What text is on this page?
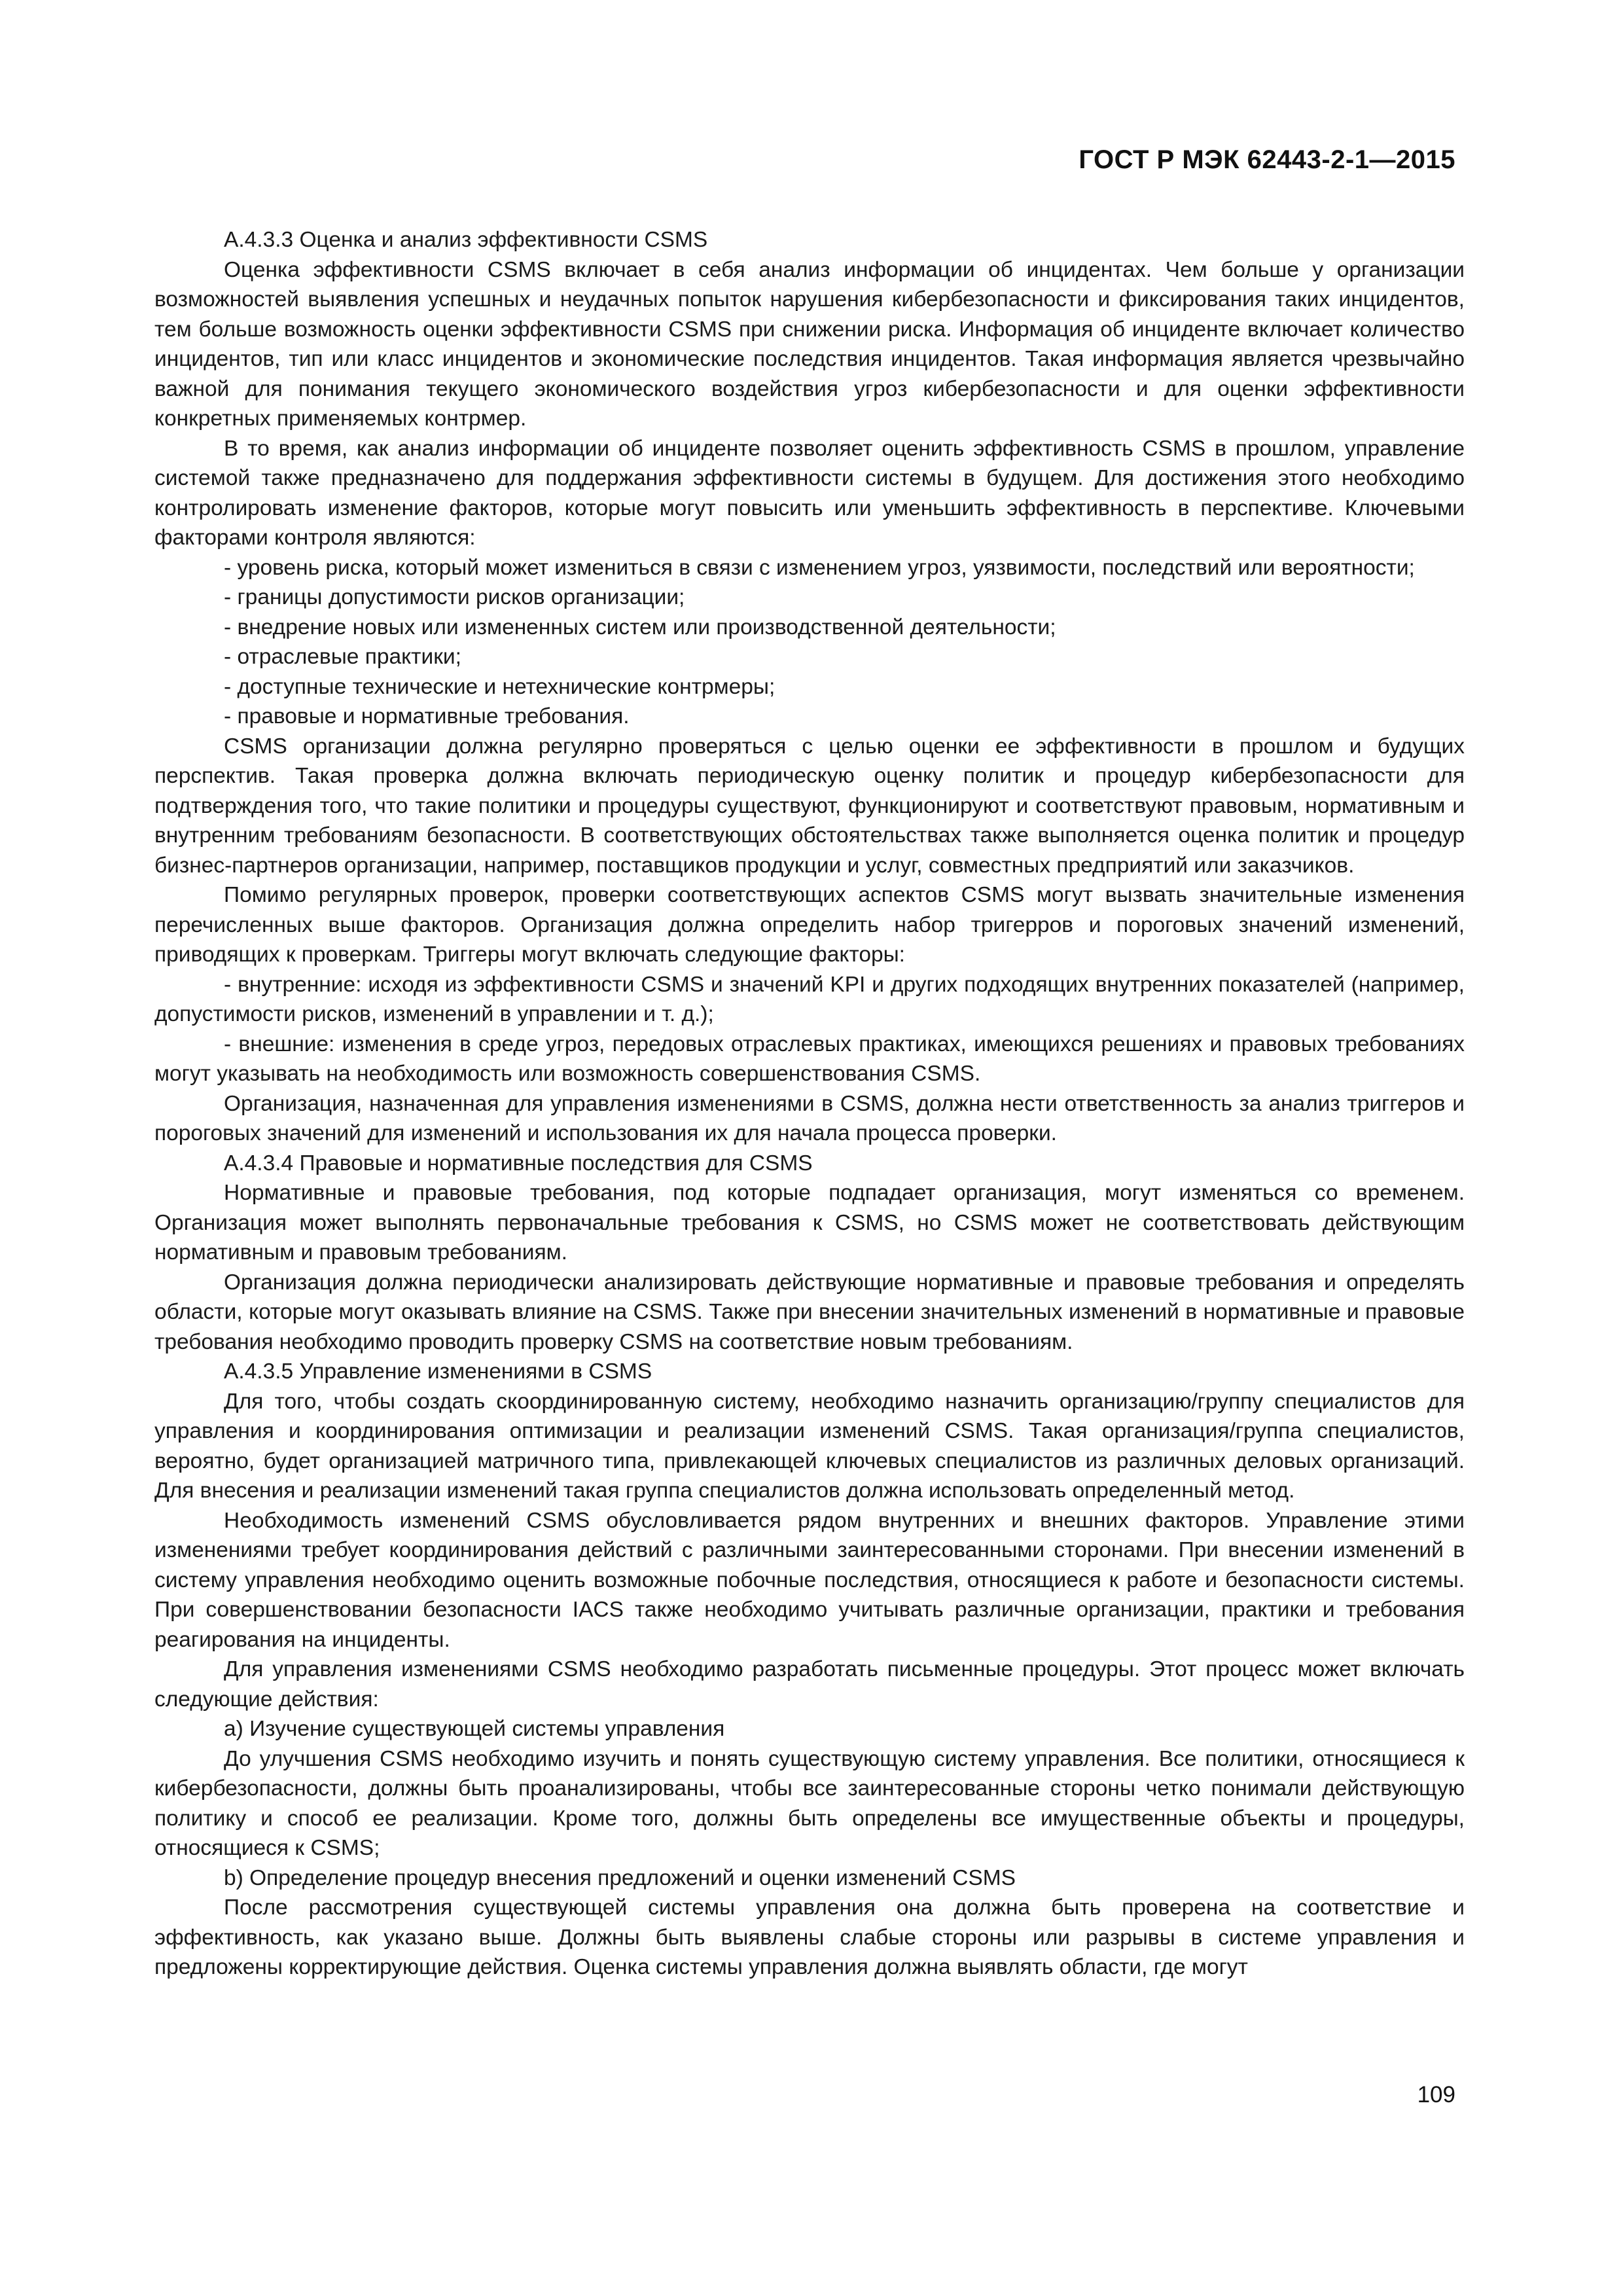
ГОСТ Р МЭК 62443-2-1—2015

А.4.3.3 Оценка и анализ эффективности CSMS

Оценка эффективности CSMS включает в себя анализ информации об инцидентах. Чем больше у организации возможностей выявления успешных и неудачных попыток нарушения кибербезопасности и фиксирования таких инцидентов, тем больше возможность оценки эффективности CSMS при снижении риска. Информация об инциденте включает количество инцидентов, тип или класс инцидентов и экономические последствия инцидентов. Такая информация является чрезвычайно важной для понимания текущего экономического воздействия угроз кибербезопасности и для оценки эффективности конкретных применяемых контрмер.

В то время, как анализ информации об инциденте позволяет оценить эффективность CSMS в прошлом, управление системой также предназначено для поддержания эффективности системы в будущем. Для достижения этого необходимо контролировать изменение факторов, которые могут повысить или уменьшить эффективность в перспективе. Ключевыми факторами контроля являются:

- уровень риска, который может измениться в связи с изменением угроз, уязвимости, последствий или вероятности;

- границы допустимости рисков организации;

- внедрение новых или измененных систем или производственной деятельности;

- отраслевые практики;

- доступные технические и нетехнические контрмеры;

- правовые и нормативные требования.

CSMS организации должна регулярно проверяться с целью оценки ее эффективности в прошлом и будущих перспектив. Такая проверка должна включать периодическую оценку политик и процедур кибербезопасности для подтверждения того, что такие политики и процедуры существуют, функционируют и соответствуют правовым, нормативным и внутренним требованиям безопасности. В соответствующих обстоятельствах также выполняется оценка политик и процедур бизнес-партнеров организации, например, поставщиков продукции и услуг, совместных предприятий или заказчиков.

Помимо регулярных проверок, проверки соответствующих аспектов CSMS могут вызвать значительные изменения перечисленных выше факторов. Организация должна определить набор тригерров и пороговых значений изменений, приводящих к проверкам. Триггеры могут включать следующие факторы:

- внутренние: исходя из эффективности CSMS и значений KPI и других подходящих внутренних показателей (например, допустимости рисков, изменений в управлении и т. д.);

- внешние: изменения в среде угроз, передовых отраслевых практиках, имеющихся решениях и правовых требованиях могут указывать на необходимость или возможность совершенствования CSMS.

Организация, назначенная для управления изменениями в CSMS, должна нести ответственность за анализ триггеров и пороговых значений для изменений и использования их для начала процесса проверки.

А.4.3.4 Правовые и нормативные последствия для CSMS

Нормативные и правовые требования, под которые подпадает организация, могут изменяться со временем. Организация может выполнять первоначальные требования к CSMS, но CSMS может не соответствовать действующим нормативным и правовым требованиям.

Организация должна периодически анализировать действующие нормативные и правовые требования и определять области, которые могут оказывать влияние на CSMS. Также при внесении значительных изменений в нормативные и правовые требования необходимо проводить проверку CSMS на соответствие новым требованиям.

А.4.3.5 Управление изменениями в CSMS

Для того, чтобы создать скоординированную систему, необходимо назначить организацию/группу специалистов для управления и координирования оптимизации и реализации изменений CSMS. Такая организация/группа специалистов, вероятно, будет организацией матричного типа, привлекающей ключевых специалистов из различных деловых организаций. Для внесения и реализации изменений такая группа специалистов должна использовать определенный метод.

Необходимость изменений CSMS обусловливается рядом внутренних и внешних факторов. Управление этими изменениями требует координирования действий с различными заинтересованными сторонами. При внесении изменений в систему управления необходимо оценить возможные побочные последствия, относящиеся к работе и безопасности системы. При совершенствовании безопасности IACS также необходимо учитывать различные организации, практики и требования реагирования на инциденты.

Для управления изменениями CSMS необходимо разработать письменные процедуры. Этот процесс может включать следующие действия:

а) Изучение существующей системы управления

До улучшения CSMS необходимо изучить и понять существующую систему управления. Все политики, относящиеся к кибербезопасности, должны быть проанализированы, чтобы все заинтересованные стороны четко понимали действующую политику и способ ее реализации. Кроме того, должны быть определены все имущественные объекты и процедуры, относящиеся к CSMS;

b) Определение процедур внесения предложений и оценки изменений CSMS

После рассмотрения существующей системы управления она должна быть проверена на соответствие и эффективность, как указано выше. Должны быть выявлены слабые стороны или разрывы в системе управления и предложены корректирующие действия. Оценка системы управления должна выявлять области, где могут

109
